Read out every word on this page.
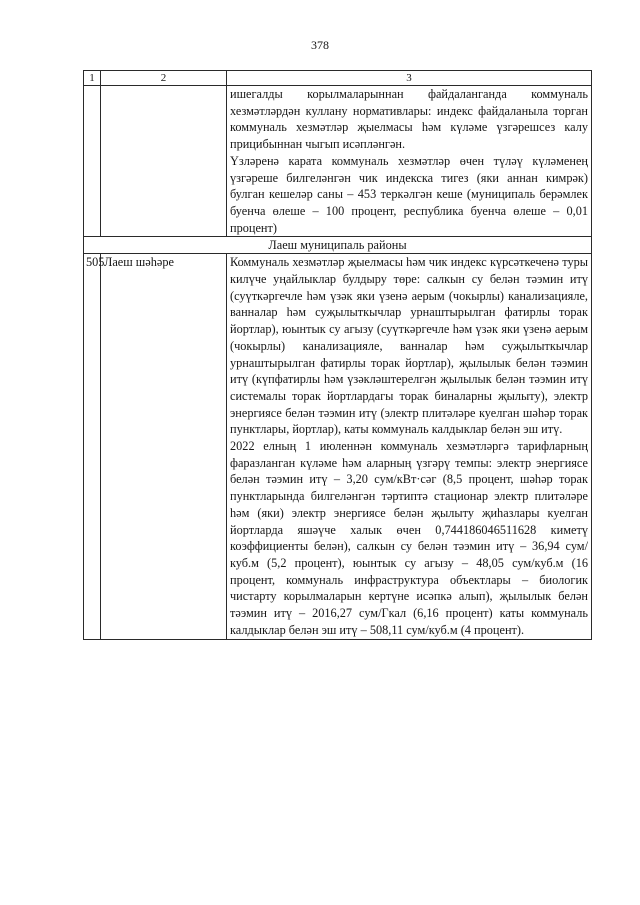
378
1	2	3

		ишегалды корылмаларыннан файдаланганда коммуналь хезмәтләрдән куллану нормативлары: индекс файдаланыла торган коммуналь хезмәтләр җыелмасы һәм күләме үзгәрешсез калу прицибыннан чыгып исәпләнгән.

Үзләренә карата коммуналь хезмәтләр өчен түләү күләменең үзгәреше билгеләнгән чик индекска тигез (яки аннан кимрәк) булган кешеләр саны – 453 теркәлгән кеше (муниципаль берәмлек буенча өлеше – 100 процент, республика буенча өлеше – 0,01 процент)

Лаеш муниципаль районы		
505	Лаеш шәһәре	Коммуналь хезмәтләр җыелмасы һәм чик индекс күрсәткеченә туры килүче уңайлыклар булдыру төре: салкын су белән тәэмин итү (суүткәргечле һәм үзәк яки үзенә аерым (чокырлы) канализацияле, ванналар һәм суҗылыткычлар урнаштырылган фатирлы торак йортлар), юынтык су агызу (суүткәргечле һәм үзәк яки үзенә аерым (чокырлы) канализацияле, ванналар һәм суҗылыткычлар урнаштырылган фатирлы торак йортлар), җылылык белән тәэмин итү (күпфатирлы һәм үзәкләштерелгән җылылык белән тәэмин итү системалы торак йортлардагы торак биналарны җылыту), электр энергиясе белән тәэмин итү (электр плитәләре куелган шәһәр торак пунктлары, йортлар), каты коммуналь калдыклар белән эш итү.

2022 елның 1 июленнән коммуналь хезмәтләргә тарифларның фаразланган күләме һәм аларның үзгәрү темпы: электр энергиясе белән тәэмин итү – 3,20 сум/кВт·сәг (8,5 процент, шәһәр торак пунктларында билгеләнгән тәртиптә стационар электр плитәләре һәм (яки) электр энергиясе белән җылыту җиһазлары куелган йортларда яшәүче халык өчен 0,744186046511628 киметү коэффициенты белән), салкын су белән тәэмин итү – 36,94 сум/куб.м (5,2 процент), юынтык су агызу – 48,05 сум/куб.м (16 процент, коммуналь инфраструктура объектлары – биологик чистарту корылмаларын кертүне исәпкә алып), җылылык белән тәэмин итү – 2016,27 сум/Гкал (6,16 процент) каты коммуналь калдыклар белән эш итү – 508,11 сум/куб.м (4 процент).
